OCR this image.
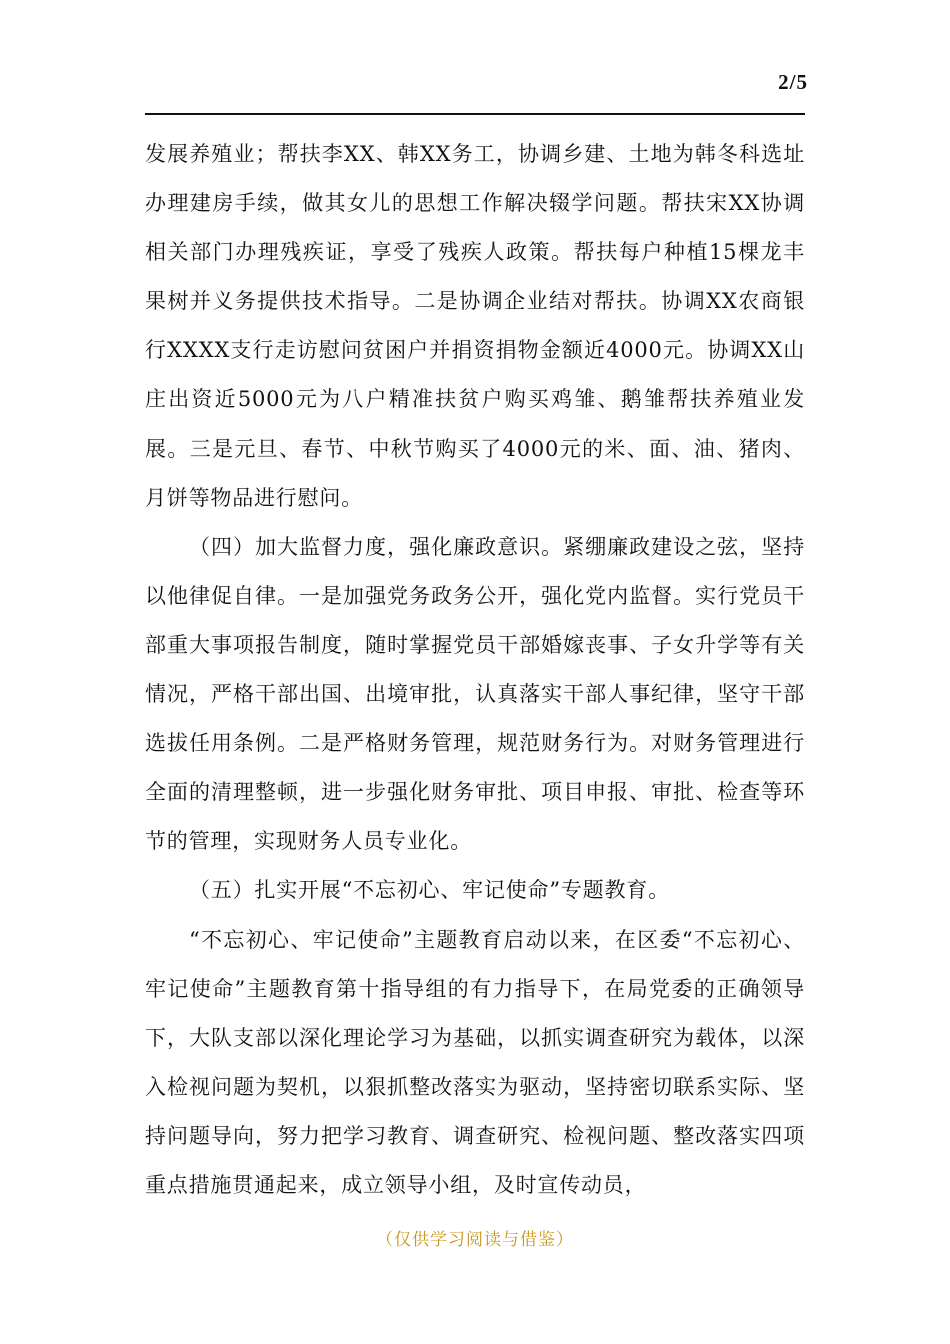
2/5

发展养殖业；帮扶李XX、韩XX务工，协调乡建、土地为韩冬科选址办理建房手续，做其女儿的思想工作解决辍学问题。帮扶宋XX协调相关部门办理残疾证，享受了残疾人政策。帮扶每户种植15棵龙丰果树并义务提供技术指导。二是协调企业结对帮扶。协调XX农商银行XXXX支行走访慰问贫困户并捐资捐物金额近4000元。协调XX山庄出资近5000元为八户精准扶贫户购买鸡雏、鹅雏帮扶养殖业发展。三是元旦、春节、中秋节购买了4000元的米、面、油、猪肉、月饼等物品进行慰问。

（四）加大监督力度，强化廉政意识。紧绷廉政建设之弦，坚持以他律促自律。一是加强党务政务公开，强化党内监督。实行党员干部重大事项报告制度，随时掌握党员干部婚嫁丧事、子女升学等有关情况，严格干部出国、出境审批，认真落实干部人事纪律，坚守干部选拔任用条例。二是严格财务管理，规范财务行为。对财务管理进行全面的清理整顿，进一步强化财务审批、项目申报、审批、检查等环节的管理，实现财务人员专业化。

（五）扎实开展“不忘初心、牢记使命”专题教育。

“不忘初心、牢记使命”主题教育启动以来，在区委“不忘初心、牢记使命”主题教育第十指导组的有力指导下，在局党委的正确领导下，大队支部以深化理论学习为基础，以抓实调查研究为载体，以深入检视问题为契机，以狠抓整改落实为驱动，坚持密切联系实际、坚持问题导向，努力把学习教育、调查研究、检视问题、整改落实四项重点措施贯通起来，成立领导小组，及时宣传动员，

（仅供学习阅读与借鉴）
